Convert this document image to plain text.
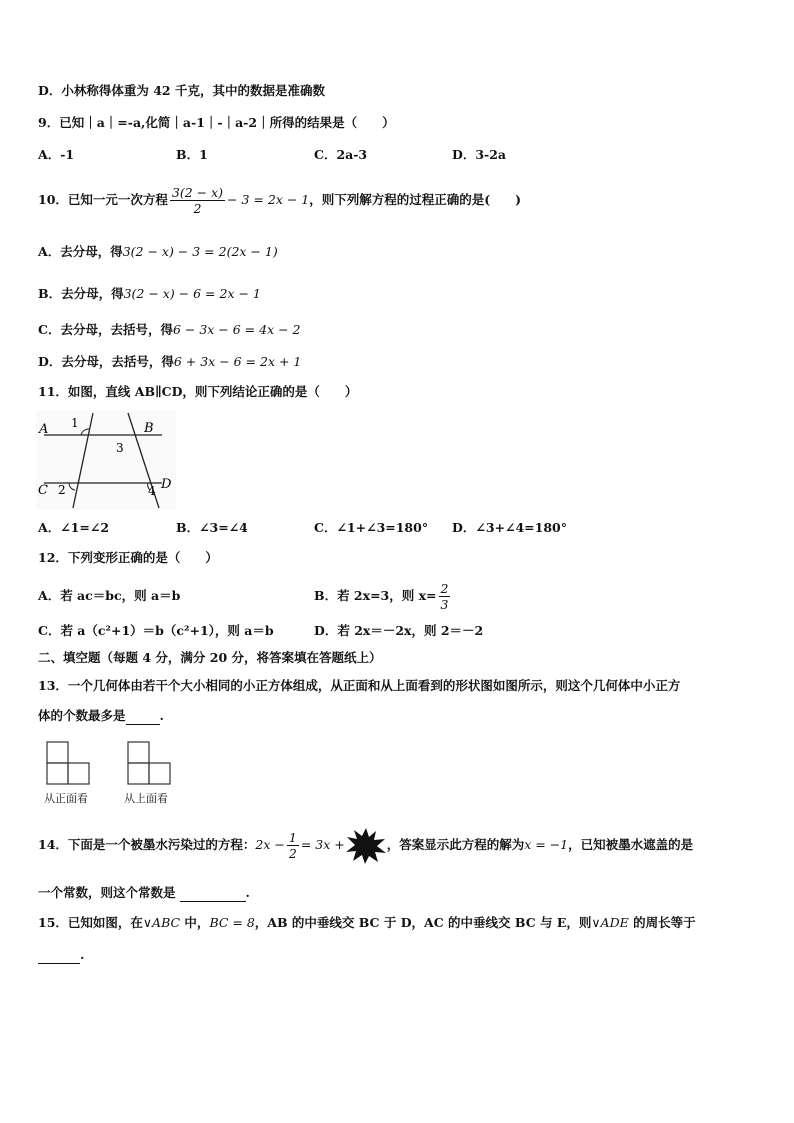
D．小林称得体重为 42 千克，其中的数据是准确数
9．已知｜a｜=-a,化简｜a-1｜-｜a-2｜所得的结果是（　　）
A．-1	B．1	C．2a-3	D．3-2a
10．已知一元一次方程 $\frac{3(2 - x)}{2} - 3 = 2x - 1$，则下列解方程的过程正确的是(　　)
A．去分母，得3(2 − x) − 3 = 2(2x − 1)
B．去分母，得3(2 − x) − 6 = 2x − 1
C．去分母，去括号，得6 − 3x − 6 = 4x − 2
D．去分母，去括号，得6 + 3x − 6 = 2x + 1
11．如图，直线 AB∥CD，则下列结论正确的是（　　）
A	B
C	D
1
2
3
4
A．∠1=∠2	B．∠3=∠4	C．∠1+∠3=180° D．∠3+∠4=180°
12．下列变形正确的是（　　）
A．若 ac＝bc，则 a＝b	B．若 2x=3，则 $x= \frac{2}{3}$
C．若 a（c²+1）＝b（c²+1），则 a＝b	D．若 2x＝－2x，则 2＝－2
二、填空题（每题 4 分，满分 20 分，将答案填在答题纸上）
13．一个几何体由若干个大小相同的小正方体组成，从正面和从上面看到的形状图如图所示，则这个几何体中小正方
体的个数最多是	.
从正面看	从上面看
14．下面是一个被墨水污染过的方程：$2x - \frac{1}{2} = 3x$ +	，答案显示此方程的解为x = −1，已知被墨水遮盖的是
一个常数，则这个常数是	.
15．已知如图，在∨ABC 中，BC = 8，AB 的中垂线交 BC 于 D，AC 的中垂线交 BC 与 E，则∨ADE 的周长等于
.
